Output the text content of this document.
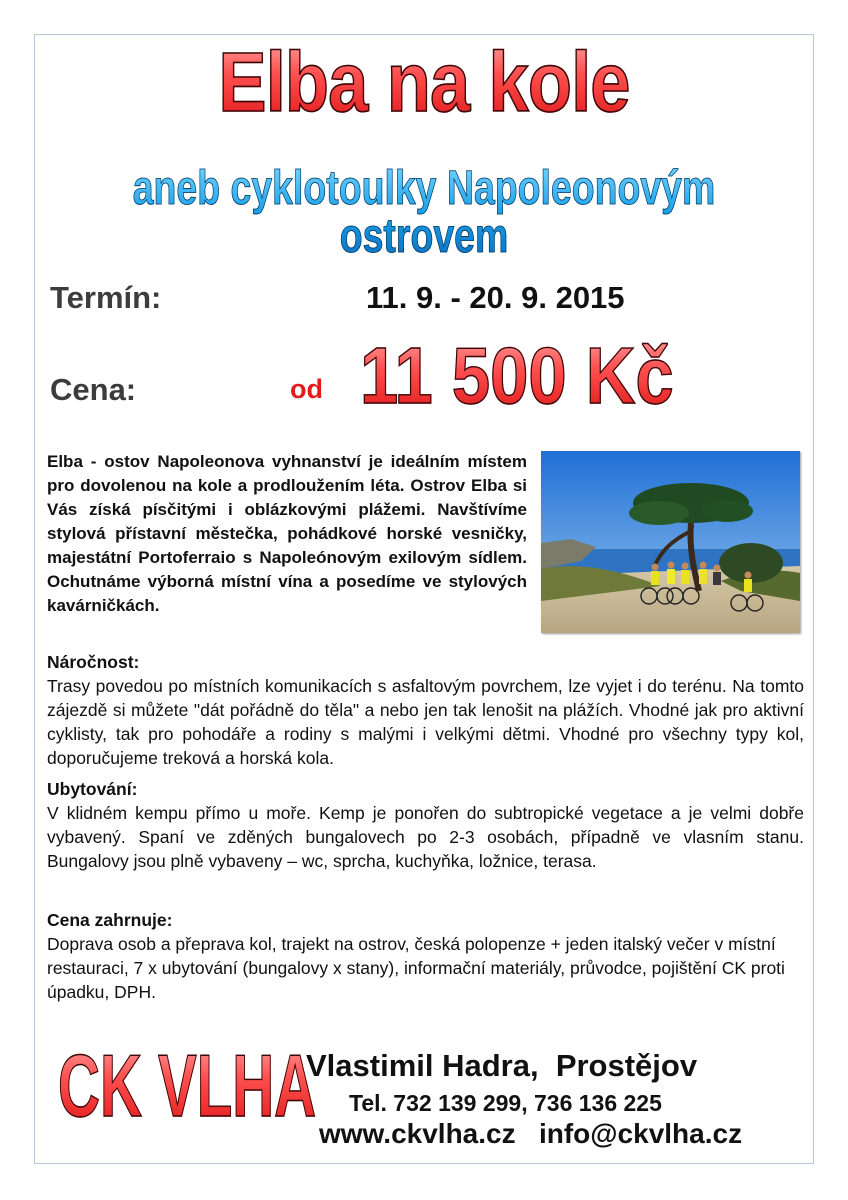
Elba na kole
aneb cyklotoulky Napoleonovým ostrovem
Termín:	11. 9. - 20. 9. 2015
Cena:	od 11 500 Kč
Elba - ostov Napoleonova vyhnanství je ideálním místem pro dovolenou na kole a prodloužením léta. Ostrov Elba si Vás získá písčitými i oblázkovými plážemi. Navštívíme stylová přístavní městečka, pohádkové horské vesničky, majestátní Portoferraio s Napoleónovým exilovým sídlem. Ochutnáme výborná místní vína a posedíme ve stylových kavárničkách.
Náročnost:
Trasy povedou po místních komunikacích s asfaltovým povrchem, lze vyjet i do terénu. Na tomto zájezdě si můžete "dát pořádně do těla" a nebo jen tak lenošit na plážích. Vhodné jak pro aktivní cyklisty, tak pro pohodáře a rodiny s malými i velkými dětmi. Vhodné pro všechny typy kol, doporučujeme treková a horská kola.
Ubytování:
V klidném kempu přímo u moře. Kemp je ponořen do subtropické vegetace a je velmi dobře vybavený. Spaní ve zděných bungalovech po 2-3 osobách, případně ve vlasním stanu. Bungalovy jsou plně vybaveny – wc, sprcha, kuchyňka, ložnice, terasa.
Cena zahrnuje:
Doprava osob a přeprava kol, trajekt na ostrov, česká polopenze + jeden italský večer v místní restauraci, 7 x ubytování (bungalovy x stany), informační materiály, průvodce, pojištění CK proti úpadku, DPH.
CK VLHA
Vlastimil Hadra,  Prostějov
Tel. 732 139 299, 736 136 225
www.ckvlha.cz   info@ckvlha.cz
